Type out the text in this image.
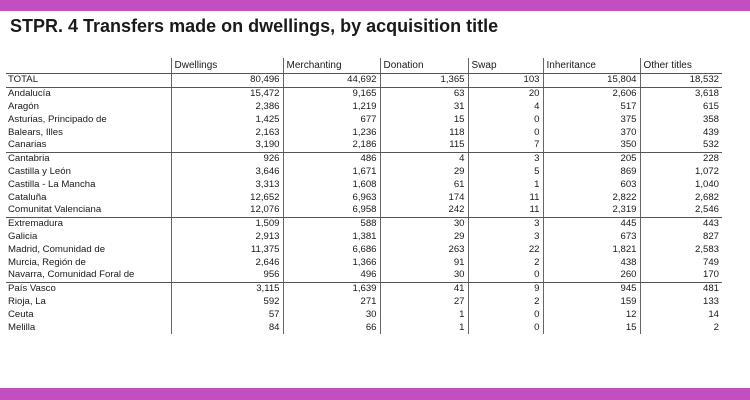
STPR. 4 Transfers made on dwellings, by acquisition title
	Dwellings	Merchanting	Donation	Swap	Inheritance	Other titles
TOTAL	80,496	44,692	1,365	103	15,804	18,532
Andalucía	15,472	9,165	63	20	2,606	3,618
Aragón	2,386	1,219	31	4	517	615
Asturias, Principado de	1,425	677	15	0	375	358
Balears, Illes	2,163	1,236	118	0	370	439
Canarias	3,190	2,186	115	7	350	532
Cantabria	926	486	4	3	205	228
Castilla y León	3,646	1,671	29	5	869	1,072
Castilla - La Mancha	3,313	1,608	61	1	603	1,040
Cataluña	12,652	6,963	174	11	2,822	2,682
Comunitat Valenciana	12,076	6,958	242	11	2,319	2,546
Extremadura	1,509	588	30	3	445	443
Galicia	2,913	1,381	29	3	673	827
Madrid, Comunidad de	11,375	6,686	263	22	1,821	2,583
Murcia, Región de	2,646	1,366	91	2	438	749
Navarra, Comunidad Foral de	956	496	30	0	260	170
País Vasco	3,115	1,639	41	9	945	481
Rioja, La	592	271	27	2	159	133
Ceuta	57	30	1	0	12	14
Melilla	84	66	1	0	15	2
